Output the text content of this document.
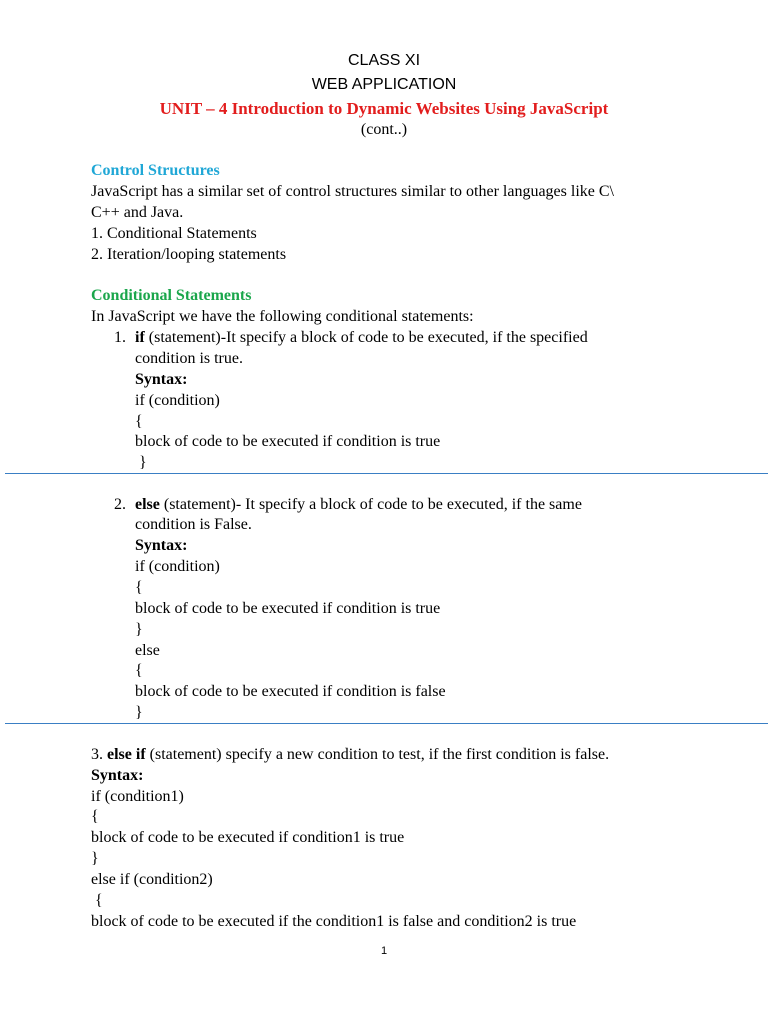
CLASS XI
WEB APPLICATION
UNIT – 4 Introduction to Dynamic Websites Using JavaScript
(cont..)
Control Structures
JavaScript has a similar set of control structures similar to other languages like C\
C++ and Java.
1. Conditional Statements
2. Iteration/looping statements
Conditional Statements
In JavaScript we have the following conditional statements:
1. if (statement)-It specify a block of code to be executed, if the specified
condition is true.
Syntax:
if (condition)
{
block of code to be executed if condition is true
}
2. else (statement)- It specify a block of code to be executed, if the same
condition is False.
Syntax:
if (condition)
{
block of code to be executed if condition is true
}
else
{
block of code to be executed if condition is false
}
3. else if (statement) specify a new condition to test, if the first condition is false.
Syntax:
if (condition1)
{
block of code to be executed if condition1 is true
}
else if (condition2)
{
block of code to be executed if the condition1 is false and condition2 is true
1
